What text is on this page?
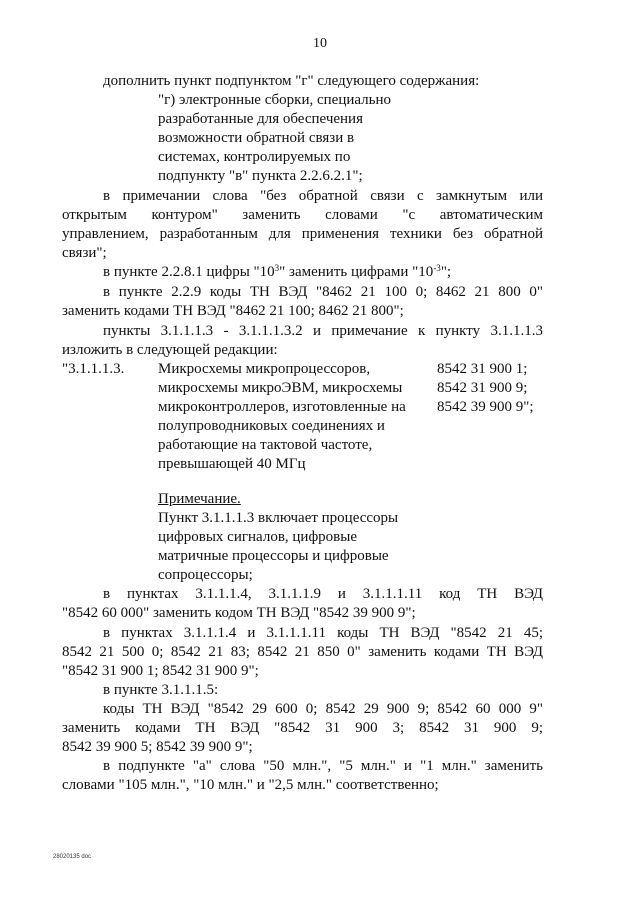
10
дополнить пункт подпунктом "г" следующего содержания:
"г) электронные сборки, специально
разработанные для обеспечения
возможности обратной связи в
системах, контролируемых по
подпункту "в" пункта 2.2.6.2.1";
в примечании слова "без обратной связи с замкнутым или
открытым контуром" заменить словами "с автоматическим
управлением, разработанным для применения техники без обратной
связи";
в пункте 2.2.8.1 цифры "$10^3$" заменить цифрами "$10^{-3}$";
в пункте 2.2.9 коды ТН ВЭД "8462 21 100 0; 8462 21 800 0"
заменить кодами ТН ВЭД "8462 21 100; 8462 21 800";
пункты 3.1.1.1.3 - 3.1.1.1.3.2 и примечание к пункту 3.1.1.1.3
изложить в следующей редакции:
"3.1.1.1.3. Микросхемы микропроцессоров,
микросхемы микроЭВМ, микросхемы
микроконтроллеров, изготовленные на
полупроводниковых соединениях и
работающие на тактовой частоте,
превышающей 40 МГц
8542 31 900 1;
8542 31 900 9;
8542 39 900 9";
Примечание.
Пункт 3.1.1.1.3 включает процессоры
цифровых сигналов, цифровые
матричные процессоры и цифровые
сопроцессоры;
в пунктах 3.1.1.1.4, 3.1.1.1.9 и 3.1.1.1.11 код ТН ВЭД
"8542 60 000" заменить кодом ТН ВЭД "8542 39 900 9";
в пунктах 3.1.1.1.4 и 3.1.1.1.11 коды ТН ВЭД "8542 21 45;
8542 21 500 0; 8542 21 83; 8542 21 850 0" заменить кодами ТН ВЭД
"8542 31 900 1; 8542 31 900 9";
в пункте 3.1.1.1.5:
коды ТН ВЭД "8542 29 600 0; 8542 29 900 9; 8542 60 000 9"
заменить кодами ТН ВЭД "8542 31 900 3; 8542 31 900 9;
8542 39 900 5; 8542 39 900 9";
в подпункте "а" слова "50 млн.", "5 млн." и "1 млн." заменить
словами "105 млн.", "10 млн." и "2,5 млн." соответственно;
28020135 doc
